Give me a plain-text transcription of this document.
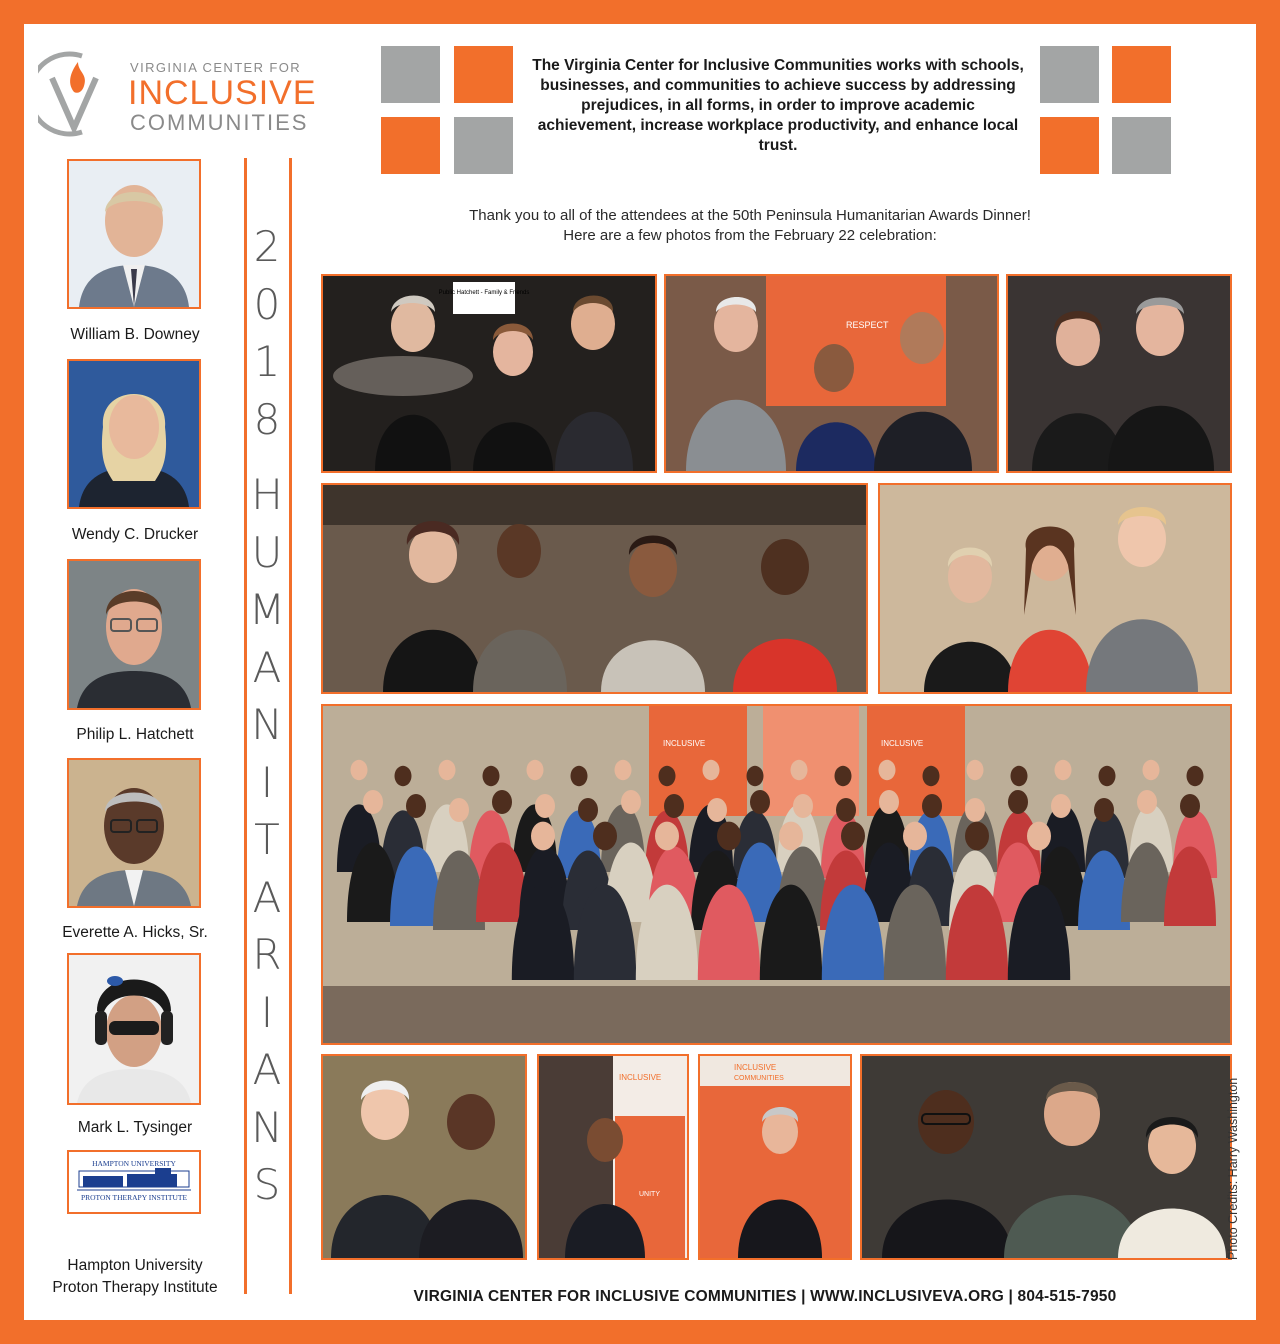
VIRGINIA CENTER FOR
INCLUSIVE
COMMUNITIES
The Virginia Center for Inclusive Communities works with schools, businesses, and communities to achieve success by addressing prejudices, in all forms, in order to improve academic achievement, increase workplace productivity, and enhance local trust.
Thank you to all of the attendees at the 50th Peninsula Humanitarian Awards Dinner!
Here are a few photos from the February 22 celebration:
William B. Downey
Wendy C. Drucker
Philip L. Hatchett
Everette A. Hicks, Sr.
Mark L. Tysinger
HAMPTON UNIVERSITY
PROTON THERAPY INSTITUTE
Hampton University
Proton Therapy Institute
2
0
1
8
H
U
M
A
N
I
T
A
R
I
A
N
S
Public Hatchett - Family & Friends
RESPECT
INCLUSIVE	INCLUSIVE
INCLUSIVE
UNITY
INCLUSIVE
COMMUNITIES	Photo Credits: Harry Washington
VIRGINIA CENTER FOR INCLUSIVE COMMUNITIES | WWW.INCLUSIVEVA.ORG | 804-515-7950
